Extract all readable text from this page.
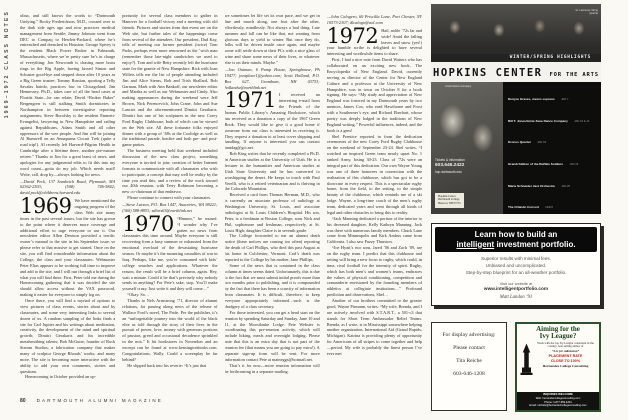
1969–1972 CLASS NOTES olina, and still knows the words to “Dartmouth Undying.” Rocky Frederickson, M.D., crossed over to the dark side ages ago and now practices medical management from Seattle; Jimmy Johnson went from DEC to Compaq to Hewlett-Packard, where he’s entrenched and drenched in Houston; George Spivey is the resident Black Power Broker in Falmouth, Massachusetts, where we’re pretty sure he’s in charge of everything; Jon Newcomb is chasing more brass rings in the Big Apple, having kissed Simon and Schuster good-bye and stepped down after 10 years as a Big Green trustee; Tommy Russian, sporting a Telly Savalas hairdo, practices law in Chicagoland; Jim Hennessey, Ph.D., takes care of all the head cases at Florida State—he can relate; David “Broker Baker” Bergengren is still stalking Smith dormitories in Northampton in between investigative reporting assignments; Steve Borofsky is the resident Emmett-Evangelist, lawyering in New Hampshire and railing against Republicans, Adam Smith and all other oppressors of the wee people. And Jim will be joining Al Rumwell on an Annapurna Circuit Trek (quite a road trip!). Al recently left Harvard-Pilgrim Health in Cambridge after a lifetime there, another pre-mature retiree.” Thanks to Jim for a great burst of news, and apologies for any judgmental edits to fit this into my word count—gotta do my job. Which needs mail! Write, call, drop by—always looking for news.
—David Peck, 137 Sandwich Road, Plymouth, MA 02362-2503; (508) 746-5842; david.peck@childrens.harvard.edu
1969 We have mentioned the ongoing progress of the class Web site many times in the past several issues, but the site has grown to the point where it deserves more coverage and additional effort to urge everyone to use it. Our newsletter editor Allen Denison provided a terrific owner’s manual to the site in his September issue, so please refer to that missive to get started. Once on the site, you will find considerable information about the College, the class and your classmates. Webmaster Peter Elias appears to be working full time to improve and add to the site, and I will run through a brief list of what you will find there. First, Peter told me during the Homecoming gathering that it was decided the site should allow access without the VAX password, making it easier for everyone to simply log on.
Once there, you will find a myriad of options to view pictures of class events, stories about and by classmates, and some very interesting links to several dozen of us. A random sampling of the links finds a site for Carl Jupiter and his writings about meditation, creativity, the development of the mind and spiritual growth; Dimitri Gerakaris and his incredible metalsmithing talents; Bob McGuire, founder of Rock Stream Studios, a fabrication company that makes many of sculptor George Rhoads’ works; and many more. The site is becoming more interactive with the ability to add your own comments, stories and questions.
Homecoming in October provided an op-
portunity for several class members to gather in Hanover for a football victory and a meeting with old friends. Pictures and stories from that event are on the Web site, but further tales of the happenings come from several of the attendees. Our president, Dud Kay, tells of meeting our former president (twice) Tom Parks, perhaps even more renowned as the ’wich man (remember those late-night sandwiches we used to enjoy?). Tom and wife Betty recently left the hurricane state for the granite of New Hampshire. Rick with Joan Willets tells me the list of people attending included Jim and Alice Sterns, Bob and Trish Shallard, Bob Garman, Mark with Ann Bankoff, our newsletter editor and Martha as well as our Webmaster and Cindy. Also making appearances during the weekend were Jeff Brown, Nick Perencevich, John Crane, John and Sue Lanctot and the aforementioned Dimitri Gerakaris. Dimitri has one of his sculptures in the new Corey Ford Rugby Clubhouse, both of which can be viewed on the Web site. All these fortunate folks enjoyed dinner with a group of ’68s at the Coolidge as well as the traditional parade, bonfire and both pre- and post-game parties.
The business meeting held that weekend included discussion of the new class project, something everyone is invited to join; creation of better Internet formats to communicate with all classmates who wish to participate, a concept that may well be reality by the time you read this; and a review of the work toward our 40th reunion, with Terry Robinson becoming a new co-chairman of that endeavor.
Please continue to connect with your classmates.
—Steve Larson, P.O. Box 1447, Anacortes, WA 98221; (360) 588-8853; sdlars63@earthlink.net
1970 “Hmmm,” he mused. “I wonder why I’ve gotten no news from classmates this time around. Maybe everyone is still recovering from a busy summer or exhausted from the emotional overload of the devastating hurricane season. Or maybe it’s the mounting casualties of war in Iraq. Perhaps, like me, you’re consumed with kids’ college searches and applications. Whatever the reason, the result will be a brief column, again. Hey, wait a minute. Could it be that’s precisely why nobody sends in anything? For Pete’s sake, stop. You’ll make yourself crazy. Just write it and they will come…”
“Okay. So…
Thanks to Nels Armstrong ’71, director of alumni relations, for passing along news of the release of Wallace Ford’s novel, The Pride. Per the publisher, it’s an “unforgettable journey into the world of the black elite as told through the story of their lives in the pursuit of power, love, money with generous portions of passion, greed and occasional decadence sprinkled in the mix.” It hit bookstores in November and an excerpt can be found at www.kensingtonbooks.com. Congratulations, Wally. Could a screenplay be far behind?
He slipped back into his reverie: “It’s just that
we sometimes let life set its own pace, and we get in line and march along, one foot after the other, effortlessly, mindlessly. Not always a bad thing. Late summer and fall can be like that, not wanting from glorious days to yield to winter. But once they do, folks will be driven inside once again, and maybe some will settle down at their PCs with a nice glass of wine and share some news of their lives, or whatever else is on their minds. Maybe.”
—Jon Oatman, 6 Pump House, Springhouse, PA 19477; jonsplace1@yahoo.com; Scott Holland, P.O. Box 627, Grantham, NH 03753; hollandw@earthlink.net
1971 I received an interesting e-mail from the Friends of the Juneau Public Library’s Amazing Bookstore, which has received as a donation a copy of the 1967 Green Book. They would like to give it a good home if someone from our class is interested in receiving it. They request a donation to at least cover shipping and handling. If anyone is interested you can contact bmidag@gci.net.
Bob King writes that he recently completed a Ph.D. in American studies at the University of Utah. He is a lecturer in the humanities and American studies at Utah State University and he has converted to worshipping the desert. He keeps in touch with Paul Verelli, who is a retired veterinarian and is thriving in the Colorado Mountains.
Received a card from Thomas Herman, M.D., who is currently an associate professor of radiology at Washington University, St. Louis, and associate radiologist at St. Louis Children’s Hospital. His son, Peter, is a freshman at Boston College; sons Nick and Phil, sophomore and freshman, respectively, at St. Louis High; daughter Claire is in seventh grade.
The College forwarded to me an alumni death notice (these notices are coming too often) reporting the death of Carl Phillips, who died this past August at his home in Colchester, Vermont. Carl’s death was reported to the College by his mother, Jane Phillips.
Some of the news that is contained in the class column at times seems dated. Unfortunately, this is due to the fact that we must submit initial proofs more than two months prior to publishing, and it is compounded by the fact that there has been a scarcity of information from classmates. It is difficult, therefore, to keep everyone appropriately informed…such is the drudgery of a class secretary.
For those interested, you can get a head start on the reunion by spending Saturday and Sunday, June 10 and 11, at the Moosilauke Lodge. Pete Webster is coordinating this pre-reunion activity, which will include hiking, meals and overnight lodging. Please note that this is an extra day that is not part of the reunion fee (that means you are going to pay extra!). A separate sign-up form will be sent. For more information contact Pete at maineggs@hotmail.net.
That’s it for now—more reunion information will be forthcoming in a separate mailing.
—John Calogero, 60 Priscilla Lane, Port Chester, NY 10573-2307; dlcalogo@aol.com
1972 Hail, noble ’72s far and wide! Amid the falling leaves and snow (yes!) your humble scribe is delighted to have several interesting and worthwhile items to share.
First, I had a nice note from David Watters who has collaborated on an exciting new book, The Encyclopedia of New England. David, currently serving as director of the Center for New England Culture and a professor at the University of New Hampshire, was in town on October 8 for a book signing. He says: “My study and appreciation of New England was fostered in my Dartmouth years by two mentors, James Cox, who read Hawthorne and Frost with a Southerner’s eye, and Richard Eberhart, whose poetry was deeply lodged in the traditions of New England writing.” Powerful influences, indeed, and the book is a gem!
Shel Prentice reported in from the dedication ceremonies of the new Corey Ford Rugby Clubhouse on the weekend of September 23-24. Shel writes, “I watched an inspired Green team nearly upset No. 1 ranked Army, losing 30-23. Class of ’72s were an integral part of this dedication. Our own Wayne Young was one of three honorees in connection with the realization of this clubhouse, which has got to be a showcase in every respect. This is a spectacular rugby home, from the field, to the setting, to the simple beauty of the clubhouse, which reminds me of a ski lodge. Wayne, a long-time coach of the men’s rugby team, dedicated years and went through all kinds of legal and other obstacles to bring this to reality.
“Jack Manning dedicated a portion of the interior to his deceased daughter, Kelly Kathryn Manning. Jack was there with numerous family members. Chuck Lane came from Minneapolis and Kirk Andrus came from California. I also saw Fuzzy Thurston.
“Joe Hyatt’s two sons, Jared ’06 and Zach ’09, are on the rugby team. I predict that this clubhouse and setting will bring a new focus to rugby, which could, in time, rival football for the intensity of spirit. Rugby, which has both men’s and women’s teams, embraces the values of physical conditioning, competition and camaraderie envisioned by the founding members of athletics at collegiate institutions…” Profound prediction and observations, Shel…
Another of our brothers committed to the greater good, Wayne Pirmann, writes: “My wife, Brenda, and I are actively involved with S.T.A.R.T., a 501-c3 that stands for Short Term Ambassador Relief Teams. Brenda, as I write, is in Mississippi somewhere helping another organization, International Aid (Grand Rapids, Michigan). Katrina is providing plenty of opportunity for Americans of all stripes to come together and help—period. My wife is probably the finest person I’ve ever met
St. Lawrence String Quartet
WINTER/SPRING HIGHLIGHTS
HOPKINS CENTER FOR THE ARTS
Limón Dance Company
Tickets & Information
603.646.2422
hop.dartmouth.edu
Hopkins Center
Dartmouth College
Hanover, NH 03755
Denyce Graves, mezzo soprano JAN 7
Bill T. Jones/Arnie Zane Dance Company JAN 13 & 14
Kronos Quartet JAN 18
Grandchildren of the Buffalo Soldiers JAN 19
Maria Schneider Jazz Orchestra JAN 25
The Orlando Consort FEB 8
Learn how to build an
intelligent investment portfolio.
Superior results with minimal fees.
Unbiased and uncomplicated.
Step-by-step blueprint for an all-weather portfolio.
Visit our website at
www.intelligentportfolio.com
Matt Landon ’91
For display advertising:
Please contact
Tita Reiche
603-646-1208
Aiming for the
Ivy League?
Work with the top Ivy League consultant in the country, best selling author of
“A is for Admission”
PLACEMENT RATE
CLOSE TO 100%
Hernandez College Consulting
INQUIRIES WELCOME
Web: hernandezcollegeconsulting.com
Phone: 1-877-659-4204
Email: michele@hernandezcollegeconsulting.com
80 DARTMOUTH ALUMNI MAGAZINE
